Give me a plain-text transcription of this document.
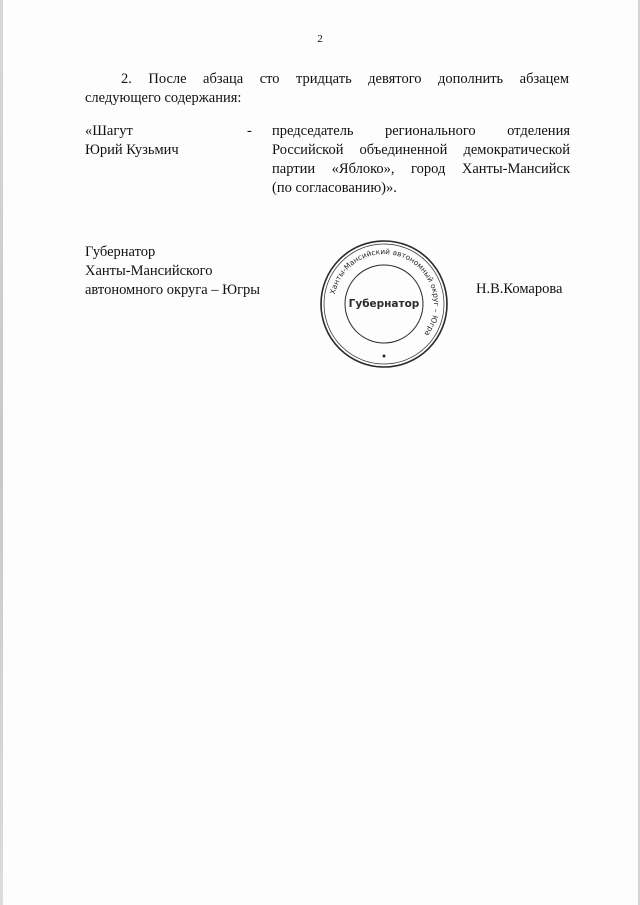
2
2. После абзаца сто тридцать девятого дополнить абзацем
следующего содержания:
«Шагут
Юрий Кузьмич
- председатель регионального отделения
Российской объединенной демократической
партии «Яблоко», город Ханты-Мансийск
(по согласованию)».
Губернатор
Ханты-Мансийского
автономного округа – Югры	Ханты-Мансийский автономный округ – Югра
Губернатор
Н.В.Комарова
